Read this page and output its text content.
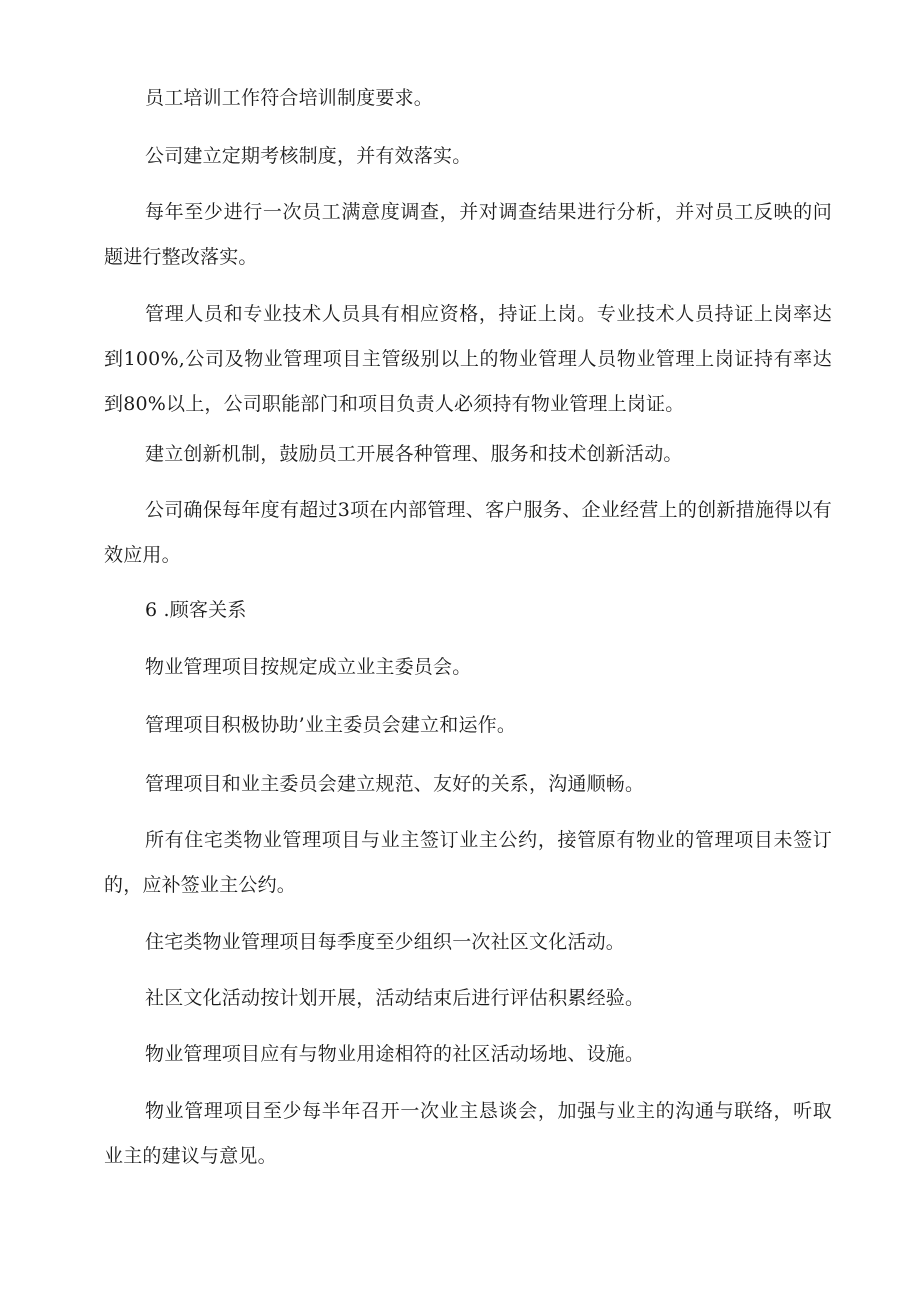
员工培训工作符合培训制度要求。

公司建立定期考核制度，并有效落实。

每年至少进行一次员工满意度调查，并对调查结果进行分析，并对员工反映的问题进行整改落实。

管理人员和专业技术人员具有相应资格，持证上岗。专业技术人员持证上岗率达到100%,公司及物业管理项目主管级别以上的物业管理人员物业管理上岗证持有率达到80%以上，公司职能部门和项目负责人必须持有物业管理上岗证。

建立创新机制，鼓励员工开展各种管理、服务和技术创新活动。

公司确保每年度有超过3项在内部管理、客户服务、企业经营上的创新措施得以有效应用。

6 .顾客关系

物业管理项目按规定成立业主委员会。

管理项目积极协助’业主委员会建立和运作。

管理项目和业主委员会建立规范、友好的关系，沟通顺畅。

所有住宅类物业管理项目与业主签订业主公约，接管原有物业的管理项目未签订的，应补签业主公约。

住宅类物业管理项目每季度至少组织一次社区文化活动。

社区文化活动按计划开展，活动结束后进行评估积累经验。

物业管理项目应有与物业用途相符的社区活动场地、设施。

物业管理项目至少每半年召开一次业主恳谈会，加强与业主的沟通与联络，听取业主的建议与意见。
